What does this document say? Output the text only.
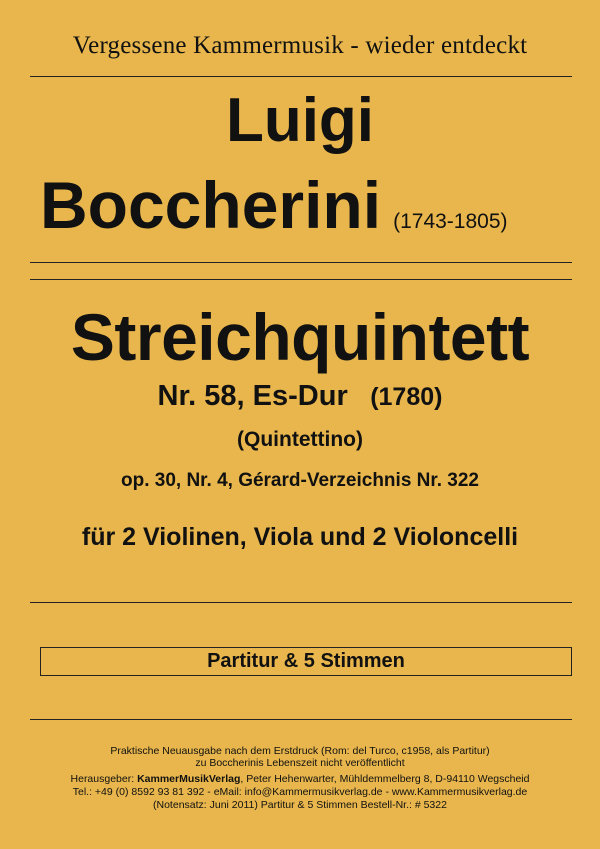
Vergessene Kammermusik - wieder entdeckt
Luigi
Boccherini (1743-1805)
Streichquintett
Nr. 58, Es-Dur (1780)
(Quintettino)
op. 30, Nr. 4, Gérard-Verzeichnis Nr. 322
für 2 Violinen, Viola und 2 Violoncelli
Partitur & 5 Stimmen
Praktische Neuausgabe nach dem Erstdruck (Rom: del Turco, c1958, als Partitur)
zu Boccherinis Lebenszeit nicht veröffentlicht
Herausgeber: KammerMusikVerlag, Peter Hehenwarter, Mühldemmelberg 8, D-94110 Wegscheid
Tel.: +49 (0) 8592 93 81 392 - eMail: info@Kammermusikverlag.de - www.Kammermusikverlag.de
(Notensatz: Juni 2011) Partitur & 5 Stimmen Bestell-Nr.: # 5322
